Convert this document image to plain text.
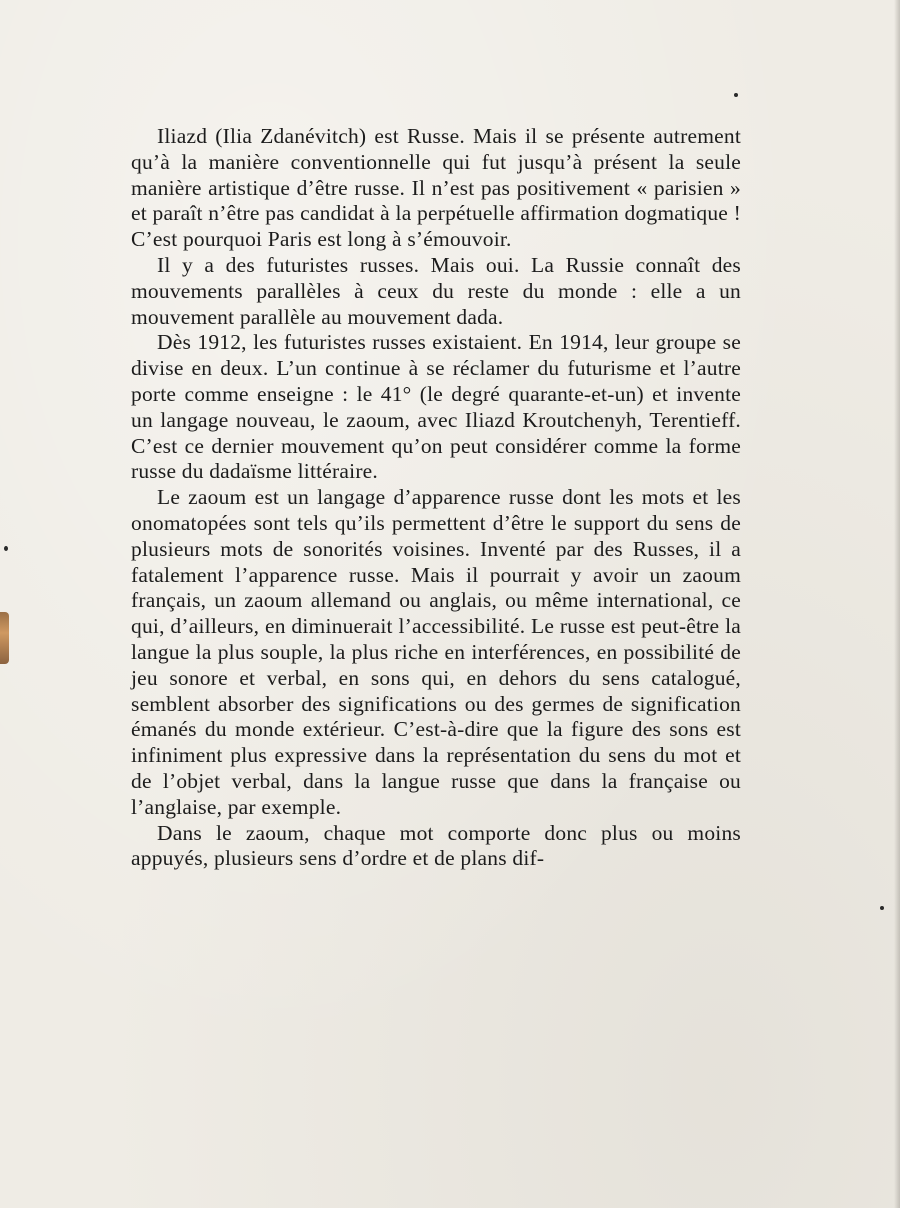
Iliazd (Ilia Zdanévitch) est Russe. Mais il se présente autrement qu’à la manière conventionnelle qui fut jusqu’à présent la seule manière artistique d’être russe. Il n’est pas positivement « parisien » et paraît n’être pas candidat à la perpétuelle affirmation dogmatique ! C’est pourquoi Paris est long à s’émouvoir.

Il y a des futuristes russes. Mais oui. La Russie connaît des mouvements parallèles à ceux du reste du monde : elle a un mouvement parallèle au mouvement dada.

Dès 1912, les futuristes russes existaient. En 1914, leur groupe se divise en deux. L’un continue à se réclamer du futurisme et l’autre porte comme enseigne : le 41° (le degré quarante-et-un) et invente un langage nouveau, le zaoum, avec Iliazd Kroutchenyh, Terentieff. C’est ce dernier mouvement qu’on peut considérer comme la forme russe du dadaïsme littéraire.

Le zaoum est un langage d’apparence russe dont les mots et les onomatopées sont tels qu’ils permettent d’être le support du sens de plusieurs mots de sonorités voisines. Inventé par des Russes, il a fatalement l’apparence russe. Mais il pourrait y avoir un zaoum français, un zaoum allemand ou anglais, ou même international, ce qui, d’ailleurs, en diminuerait l’accessibilité. Le russe est peut-être la langue la plus souple, la plus riche en interférences, en possibilité de jeu sonore et verbal, en sons qui, en dehors du sens catalogué, semblent absorber des significations ou des germes de signification émanés du monde extérieur. C’est-à-dire que la figure des sons est infiniment plus expressive dans la représentation du sens du mot et de l’objet verbal, dans la langue russe que dans la française ou l’anglaise, par exemple.

Dans le zaoum, chaque mot comporte donc plus ou moins appuyés, plusieurs sens d’ordre et de plans dif-
